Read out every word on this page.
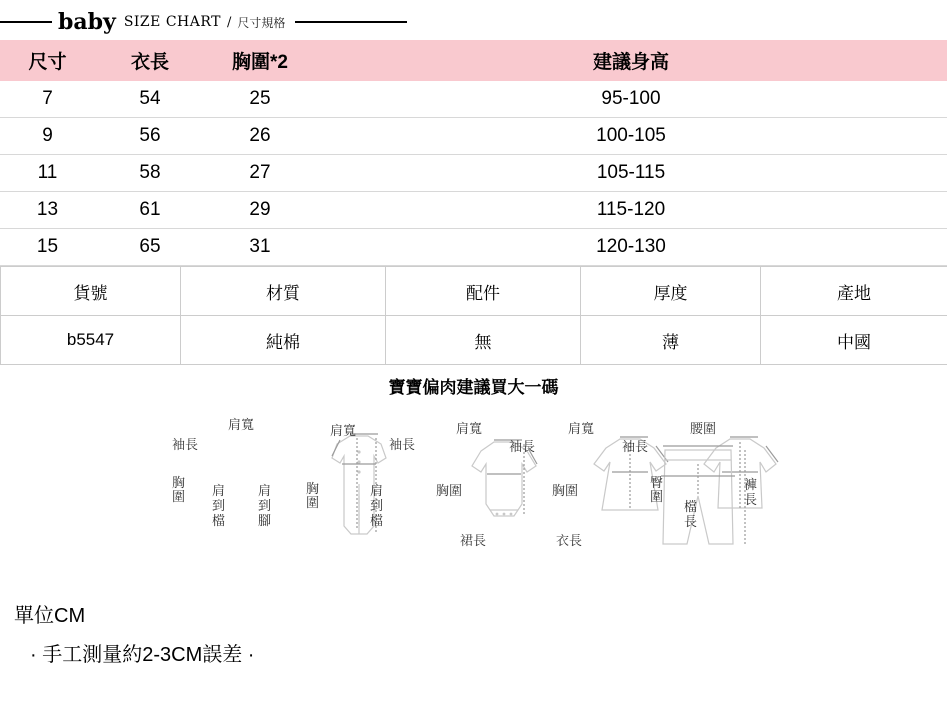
baby SIZE CHART / 尺寸規格
尺寸	衣長	胸圍*2	建議身高
7	54	25	95-100
9	56	26	100-105
11	58	27	105-115
13	61	29	115-120
15	65	31	120-130
貨號	材質	配件	厚度	產地
b5547	純棉	無	薄	中國
寶寶偏肉建議買大一碼
袖長
肩寬
胸圍	肩到檔
肩到腳
肩寬
袖長
胸圍
肩到檔
肩寬
袖長
胸圍
裙長
肩寬
袖長
胸圍
衣長
腰圍
臀圍
檔長
褲長
單位CM
· 手工測量約2-3CM誤差 ·
